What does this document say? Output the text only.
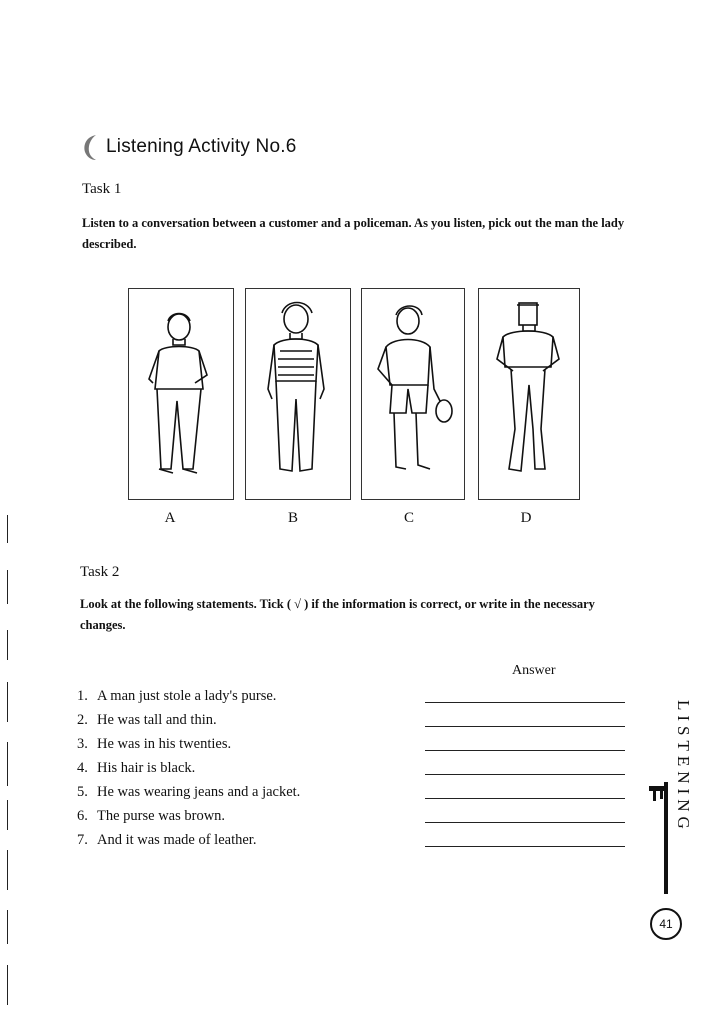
Listening Activity No.6
Task 1
Listen to a conversation between a customer and a policeman. As you listen, pick out the man the lady described.
A	B	C	D
Task 2
Look at the following statements. Tick ( √ ) if the information is correct, or write in the necessary changes.
Answer
1. A man just stole a lady's purse.
2. He was tall and thin.
3. He was in his twenties.
4. His hair is black.
5. He was wearing jeans and a jacket.
6. The purse was brown.
7. And it was made of leather.
LISTENING
41
